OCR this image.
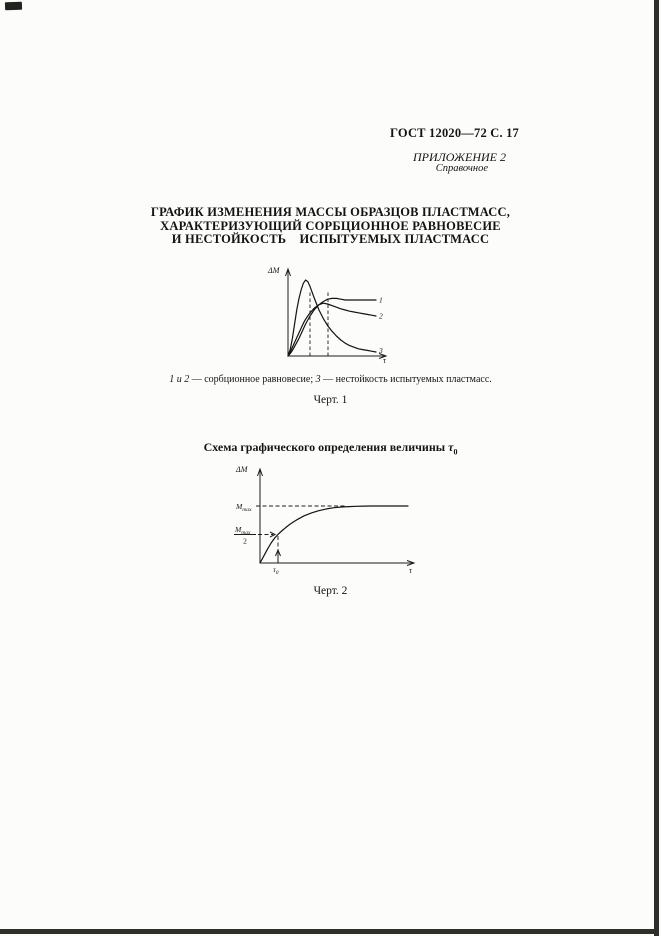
ГОСТ 12020—72 С. 17
ПРИЛОЖЕНИЕ 2
Справочное
ГРАФИК ИЗМЕНЕНИЯ МАССЫ ОБРАЗЦОВ ПЛАСТМАСС,
ХАРАКТЕРИЗУЮЩИЙ СОРБЦИОННОЕ РАВНОВЕСИЕ
И НЕСТОЙКОСТЬ    ИСПЫТУЕМЫХ ПЛАСТМАСС
ΔM
τ
1
2
3
1 и 2 — сорбционное равновесие; 3 — нестойкость испытуемых пластмасс.
Черт. 1
Схема графического определения величины $\tau_0$
ΔM
τ
$M_{max}$
$M_{max}$
2
$\tau_0$
Черт. 2
